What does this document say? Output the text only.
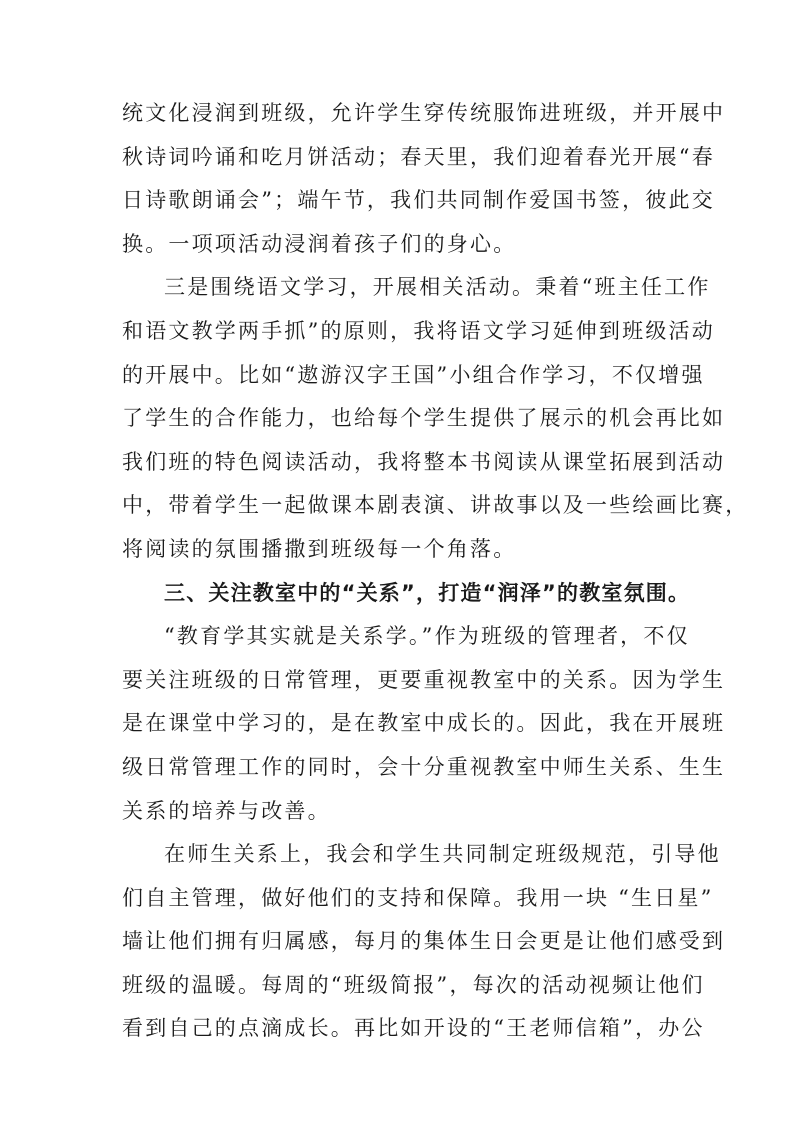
统文化浸润到班级，允许学生穿传统服饰进班级，并开展中
秋诗词吟诵和吃月饼活动；春天里，我们迎着春光开展“春
日诗歌朗诵会”；端午节，我们共同制作爱国书签，彼此交
换。一项项活动浸润着孩子们的身心。
三是围绕语文学习，开展相关活动。秉着“班主任工作
和语文教学两手抓”的原则，我将语文学习延伸到班级活动
的开展中。比如“遨游汉字王国”小组合作学习，不仅增强
了学生的合作能力，也给每个学生提供了展示的机会再比如
我们班的特色阅读活动，我将整本书阅读从课堂拓展到活动
中，带着学生一起做课本剧表演、讲故事以及一些绘画比赛，
将阅读的氛围播撒到班级每一个角落。
三、关注教室中的“关系”，打造“润泽”的教室氛围。
“教育学其实就是关系学。”作为班级的管理者，不仅
要关注班级的日常管理，更要重视教室中的关系。因为学生
是在课堂中学习的，是在教室中成长的。因此，我在开展班
级日常管理工作的同时，会十分重视教室中师生关系、生生
关系的培养与改善。
在师生关系上，我会和学生共同制定班级规范，引导他
们自主管理，做好他们的支持和保障。我用一块 “生日星”
墙让他们拥有归属感，每月的集体生日会更是让他们感受到
班级的温暖。每周的“班级简报”，每次的活动视频让他们
看到自己的点滴成长。再比如开设的“王老师信箱”，办公
